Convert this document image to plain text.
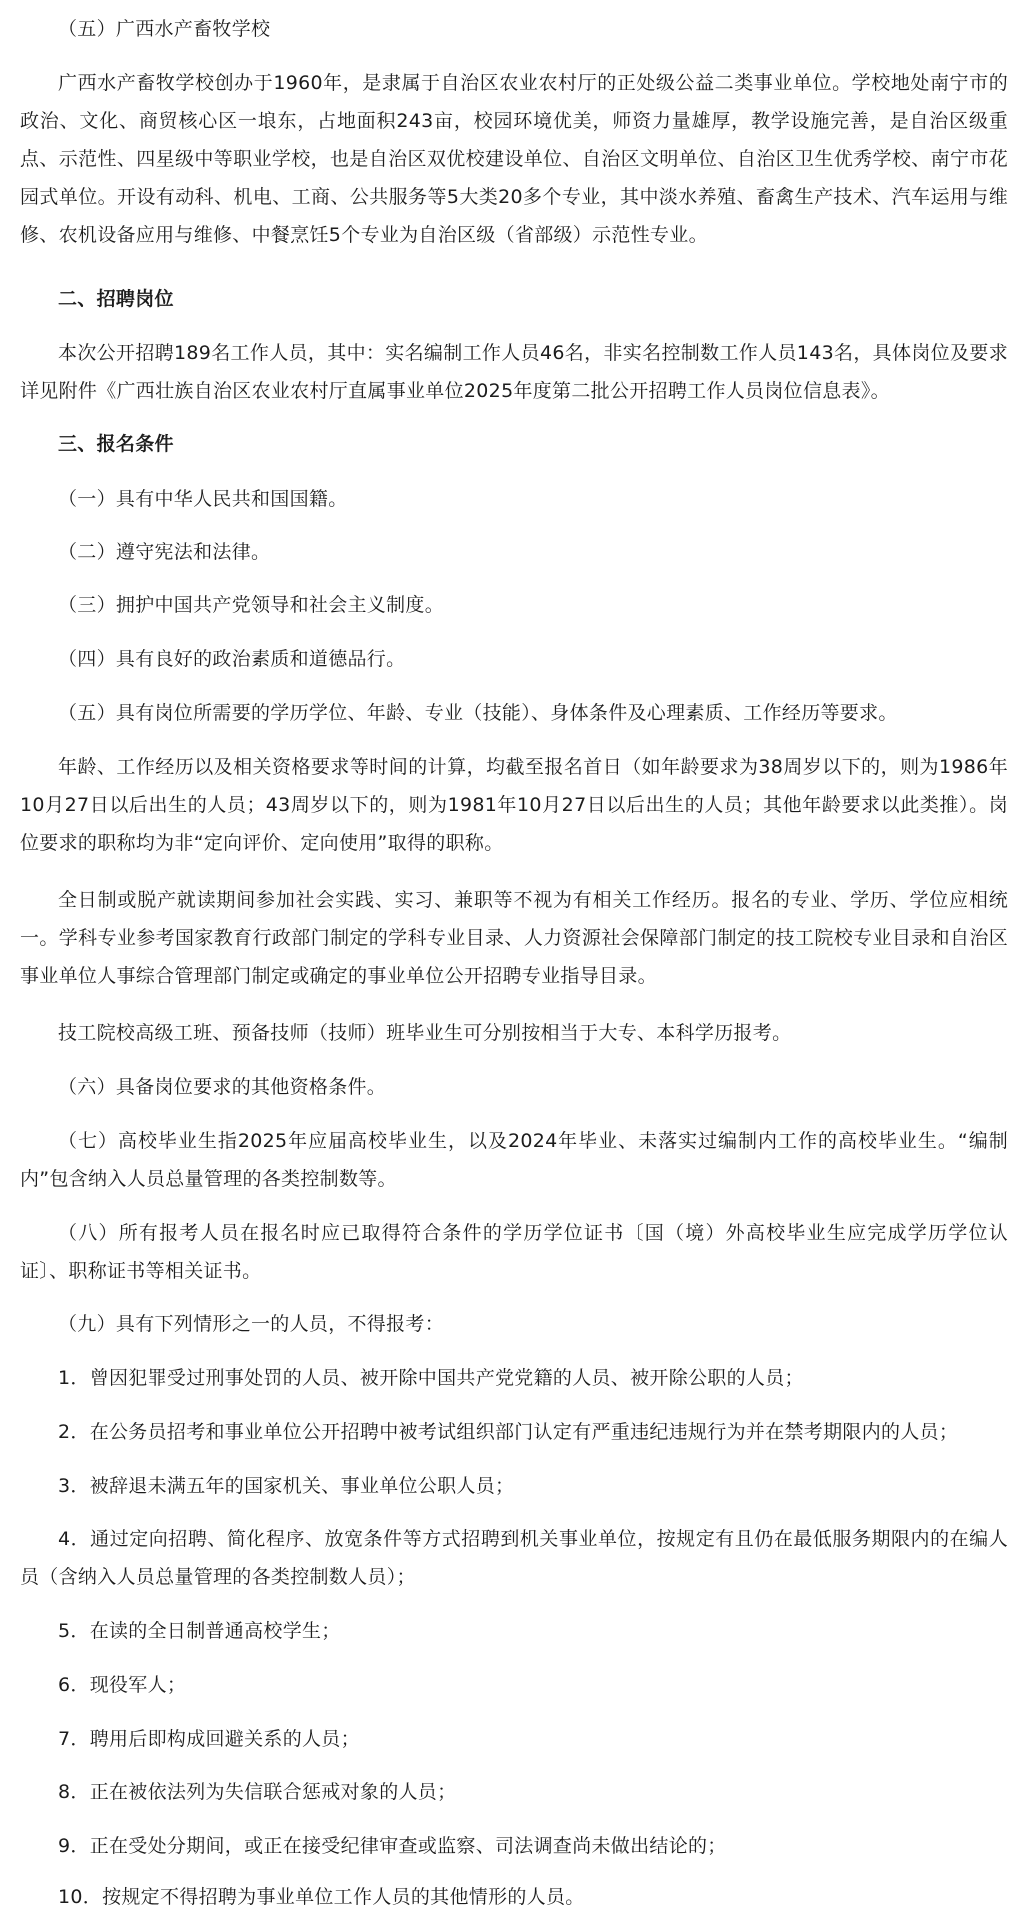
（五）广西水产畜牧学校

广西水产畜牧学校创办于1960年，是隶属于自治区农业农村厅的正处级公益二类事业单位。学校地处南宁市的政治、文化、商贸核心区一埌东，占地面积243亩，校园环境优美，师资力量雄厚，教学设施完善，是自治区级重点、示范性、四星级中等职业学校，也是自治区双优校建设单位、自治区文明单位、自治区卫生优秀学校、南宁市花园式单位。开设有动科、机电、工商、公共服务等5大类20多个专业，其中淡水养殖、畜禽生产技术、汽车运用与维修、农机设备应用与维修、中餐烹饪5个专业为自治区级（省部级）示范性专业。

二、招聘岗位

本次公开招聘189名工作人员，其中：实名编制工作人员46名，非实名控制数工作人员143名，具体岗位及要求详见附件《广西壮族自治区农业农村厅直属事业单位2025年度第二批公开招聘工作人员岗位信息表》。

三、报名条件

（一）具有中华人民共和国国籍。

（二）遵守宪法和法律。

（三）拥护中国共产党领导和社会主义制度。

（四）具有良好的政治素质和道德品行。

（五）具有岗位所需要的学历学位、年龄、专业（技能）、身体条件及心理素质、工作经历等要求。

年龄、工作经历以及相关资格要求等时间的计算，均截至报名首日（如年龄要求为38周岁以下的，则为1986年10月27日以后出生的人员；43周岁以下的，则为1981年10月27日以后出生的人员；其他年龄要求以此类推）。岗位要求的职称均为非“定向评价、定向使用”取得的职称。

全日制或脱产就读期间参加社会实践、实习、兼职等不视为有相关工作经历。报名的专业、学历、学位应相统一。学科专业参考国家教育行政部门制定的学科专业目录、人力资源社会保障部门制定的技工院校专业目录和自治区事业单位人事综合管理部门制定或确定的事业单位公开招聘专业指导目录。

技工院校高级工班、预备技师（技师）班毕业生可分别按相当于大专、本科学历报考。

（六）具备岗位要求的其他资格条件。

（七）高校毕业生指2025年应届高校毕业生，以及2024年毕业、未落实过编制内工作的高校毕业生。“编制内”包含纳入人员总量管理的各类控制数等。

（八）所有报考人员在报名时应已取得符合条件的学历学位证书〔国（境）外高校毕业生应完成学历学位认证〕、职称证书等相关证书。

（九）具有下列情形之一的人员，不得报考：

1．曾因犯罪受过刑事处罚的人员、被开除中国共产党党籍的人员、被开除公职的人员；

2．在公务员招考和事业单位公开招聘中被考试组织部门认定有严重违纪违规行为并在禁考期限内的人员；

3．被辞退未满五年的国家机关、事业单位公职人员；

4．通过定向招聘、简化程序、放宽条件等方式招聘到机关事业单位，按规定有且仍在最低服务期限内的在编人员（含纳入人员总量管理的各类控制数人员）；

5．在读的全日制普通高校学生；

6．现役军人；

7．聘用后即构成回避关系的人员；

8．正在被依法列为失信联合惩戒对象的人员；

9．正在受处分期间，或正在接受纪律审查或监察、司法调查尚未做出结论的；

10．按规定不得招聘为事业单位工作人员的其他情形的人员。
